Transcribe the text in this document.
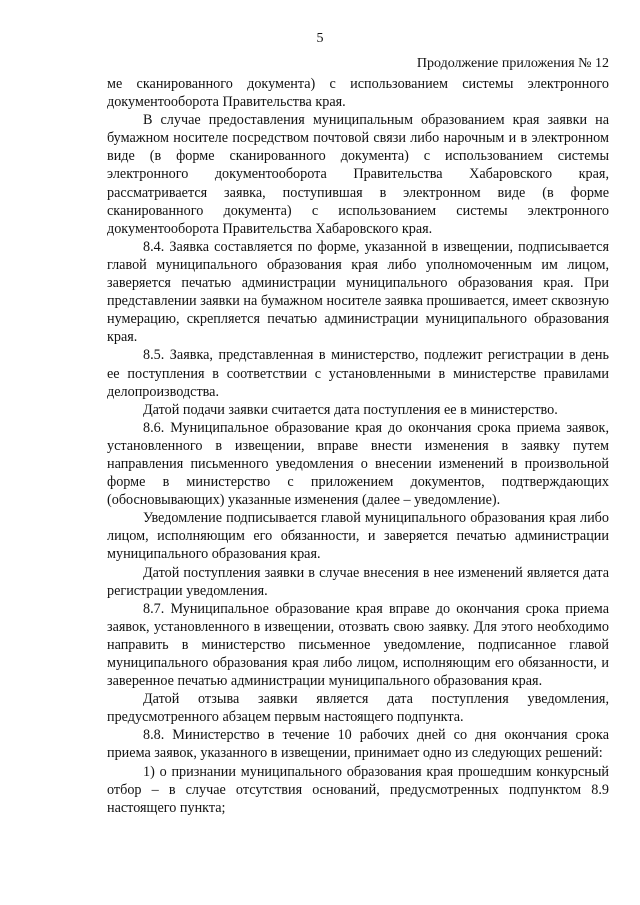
5
Продолжение приложения № 12

ме сканированного документа) с использованием системы электронного документооборота Правительства края.

В случае предоставления муниципальным образованием края заявки на бумажном носителе посредством почтовой связи либо нарочным и в электронном виде (в форме сканированного документа) с использованием системы электронного документооборота Правительства Хабаровского края, рассматривается заявка, поступившая в электронном виде (в форме сканированного документа) с использованием системы электронного документооборота Правительства Хабаровского края.

8.4. Заявка составляется по форме, указанной в извещении, подписывается главой муниципального образования края либо уполномоченным им лицом, заверяется печатью администрации муниципального образования края. При представлении заявки на бумажном носителе заявка прошивается, имеет сквозную нумерацию, скрепляется печатью администрации муниципального образования края.

8.5. Заявка, представленная в министерство, подлежит регистрации в день ее поступления в соответствии с установленными в министерстве правилами делопроизводства.

Датой подачи заявки считается дата поступления ее в министерство.

8.6. Муниципальное образование края до окончания срока приема заявок, установленного в извещении, вправе внести изменения в заявку путем направления письменного уведомления о внесении изменений в произвольной форме в министерство с приложением документов, подтверждающих (обосновывающих) указанные изменения (далее – уведомление).

Уведомление подписывается главой муниципального образования края либо лицом, исполняющим его обязанности, и заверяется печатью администрации муниципального образования края.

Датой поступления заявки в случае внесения в нее изменений является дата регистрации уведомления.

8.7. Муниципальное образование края вправе до окончания срока приема заявок, установленного в извещении, отозвать свою заявку. Для этого необходимо направить в министерство письменное уведомление, подписанное главой муниципального образования края либо лицом, исполняющим его обязанности, и заверенное печатью администрации муниципального образования края.

Датой отзыва заявки является дата поступления уведомления, предусмотренного абзацем первым настоящего подпункта.

8.8. Министерство в течение 10 рабочих дней со дня окончания срока приема заявок, указанного в извещении, принимает одно из следующих решений:

1) о признании муниципального образования края прошедшим конкурсный отбор – в случае отсутствия оснований, предусмотренных подпунктом 8.9 настоящего пункта;
